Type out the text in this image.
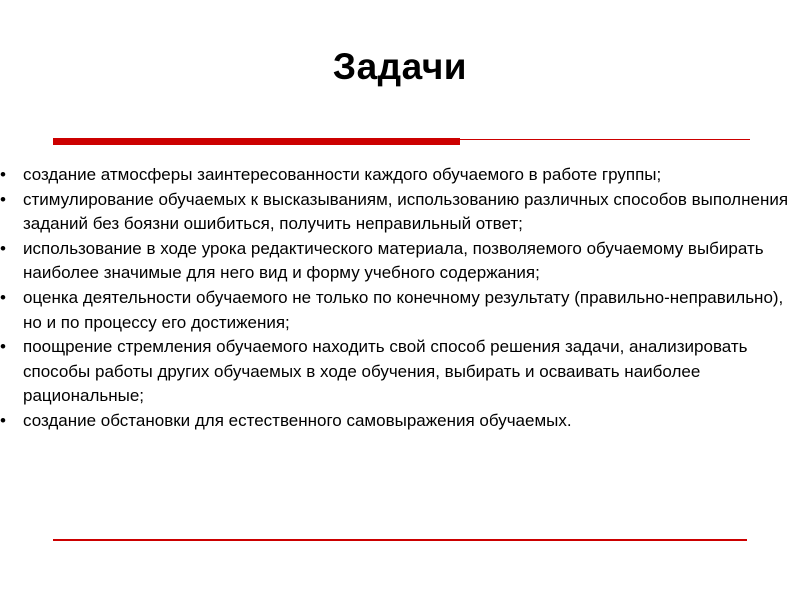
Задачи
• создание атмосферы заинтересованности каждого обучаемого в работе группы;
• стимулирование обучаемых к высказываниям, использованию различных способов выполнения заданий без боязни ошибиться, получить неправильный ответ;
• использование в ходе урока редактического материала, позволяемого обучаемому выбирать наиболее значимые для него вид и форму учебного содержания;
• оценка деятельности обучаемого не только по конечному результату (правильно-неправильно), но и по процессу его достижения;
• поощрение стремления обучаемого находить свой способ решения задачи, анализировать способы работы других обучаемых в ходе обучения, выбирать и осваивать наиболее рациональные;
• создание обстановки для естественного самовыражения обучаемых.
